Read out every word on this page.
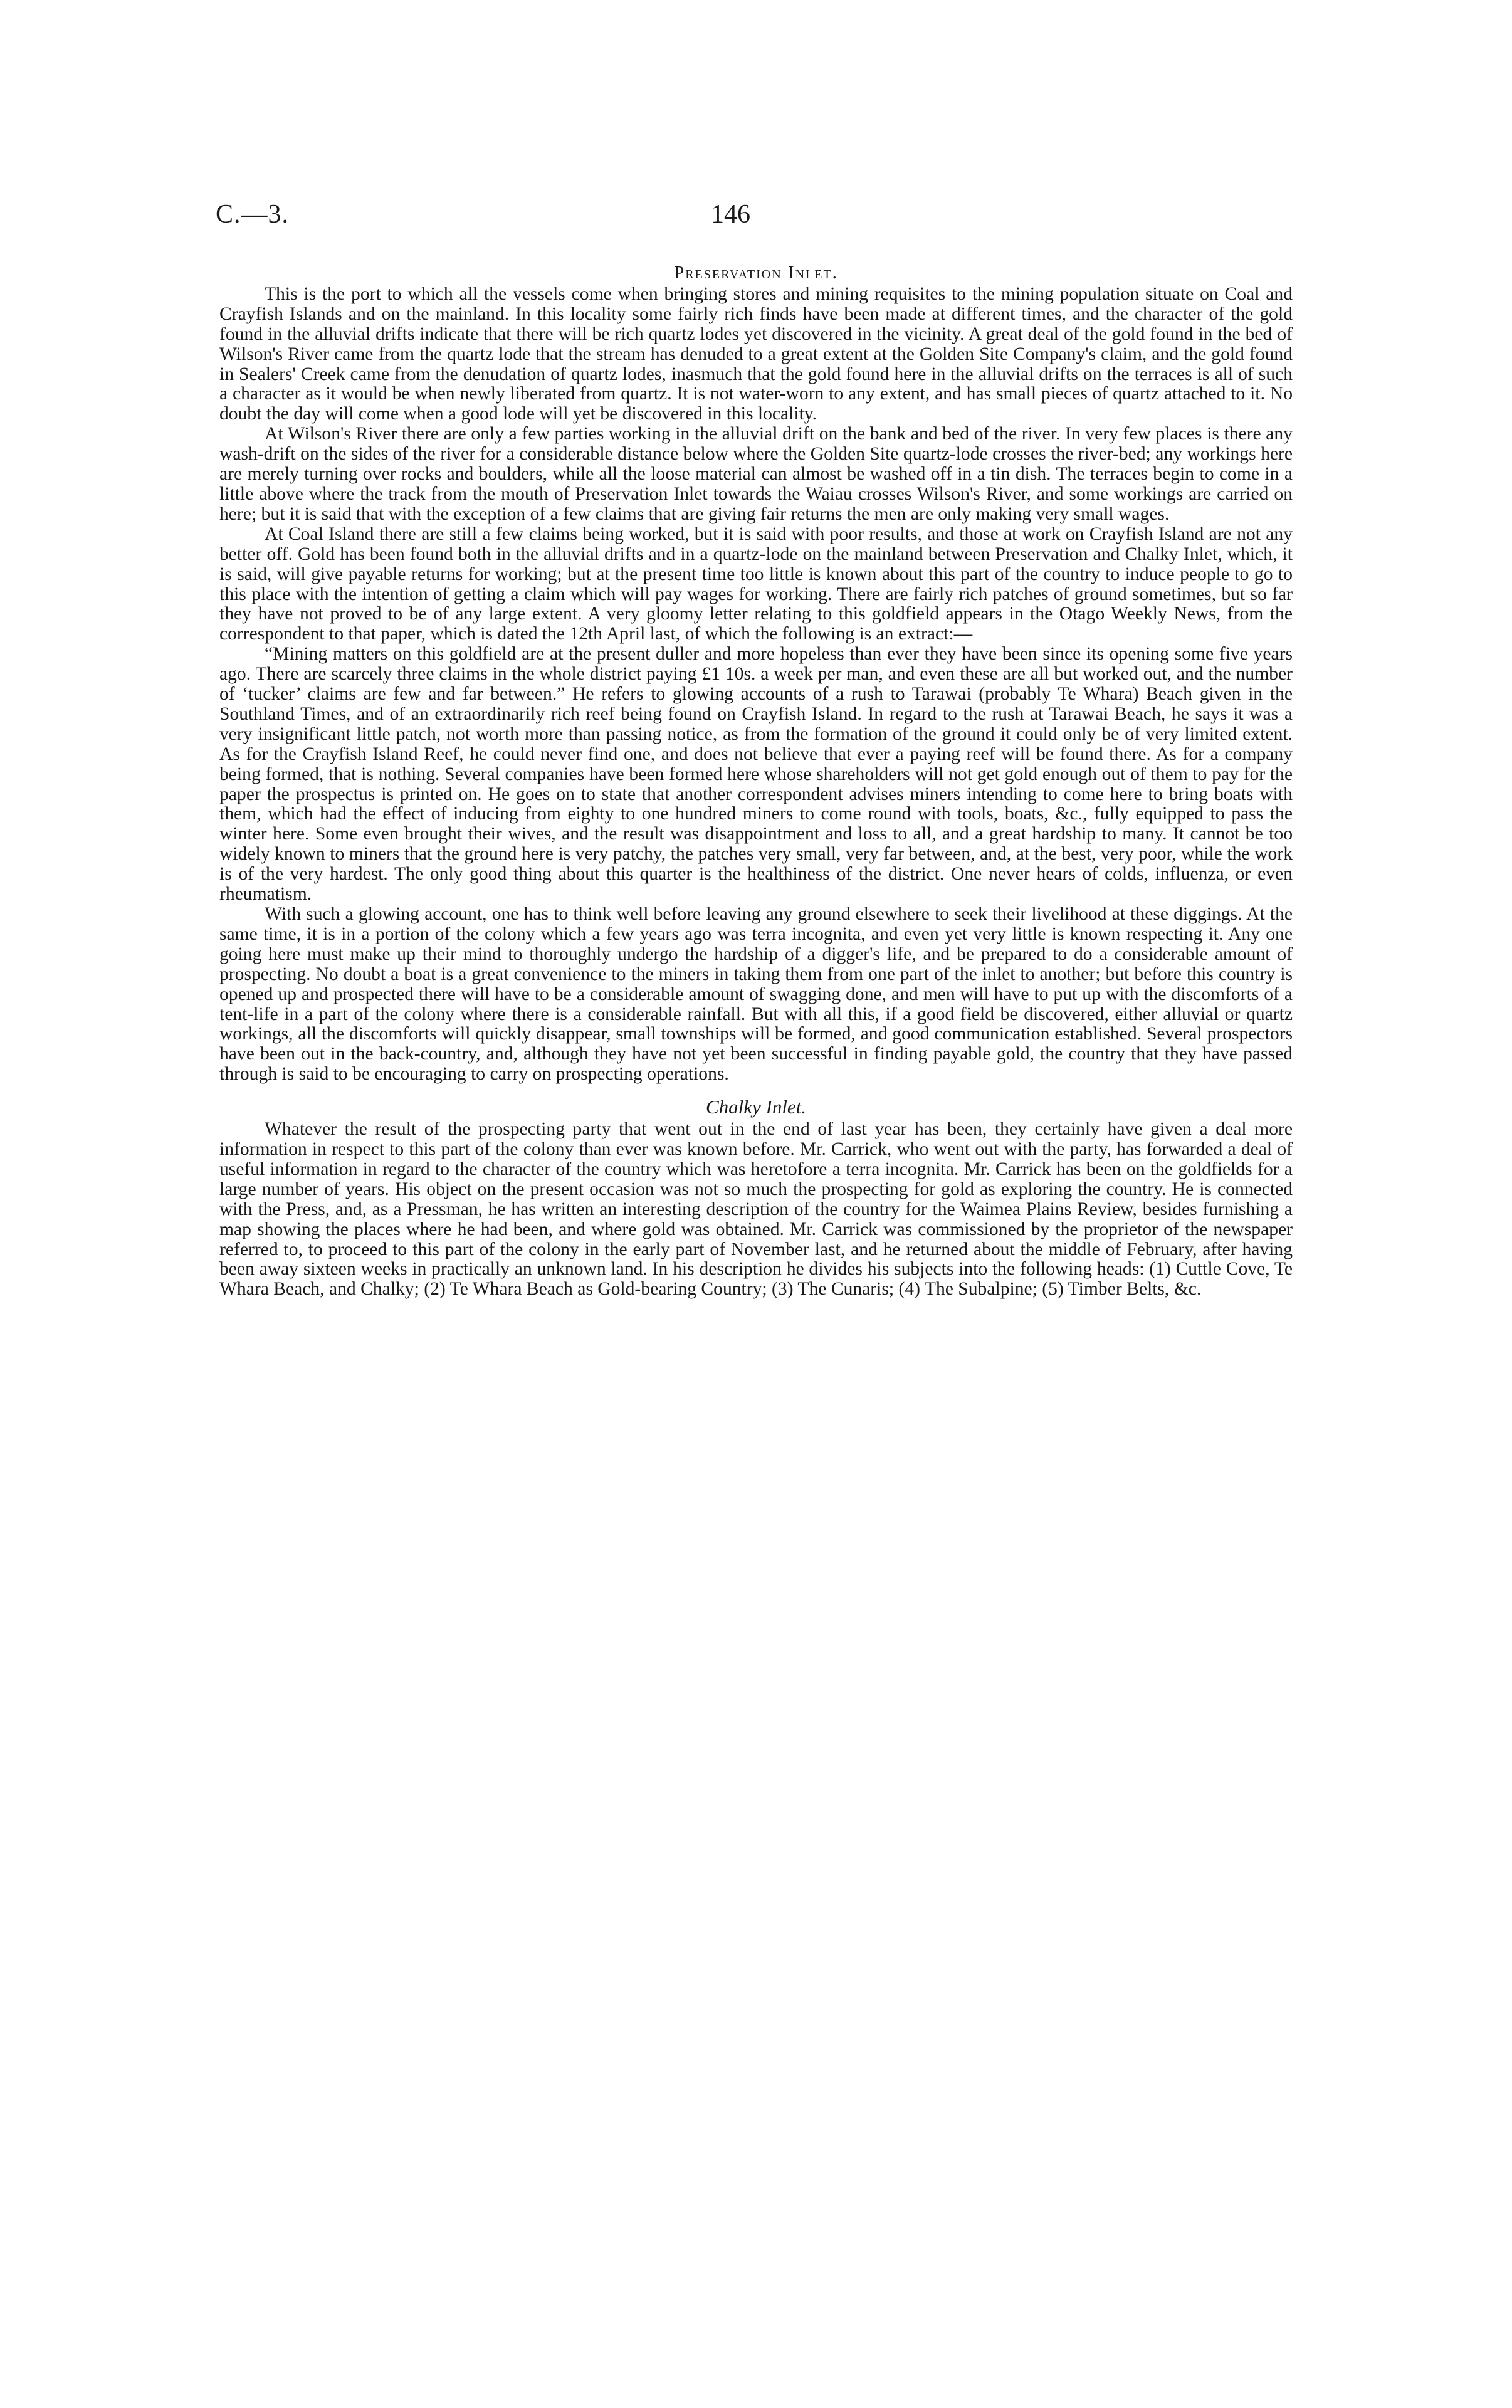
C.—3.	146
Preservation Inlet.

This is the port to which all the vessels come when bringing stores and mining requisites to the mining population situate on Coal and Crayfish Islands and on the mainland. In this locality some fairly rich finds have been made at different times, and the character of the gold found in the alluvial drifts indicate that there will be rich quartz lodes yet discovered in the vicinity. A great deal of the gold found in the bed of Wilson's River came from the quartz lode that the stream has denuded to a great extent at the Golden Site Company's claim, and the gold found in Sealers' Creek came from the denudation of quartz lodes, inasmuch that the gold found here in the alluvial drifts on the terraces is all of such a character as it would be when newly liberated from quartz. It is not water-worn to any extent, and has small pieces of quartz attached to it. No doubt the day will come when a good lode will yet be discovered in this locality.

At Wilson's River there are only a few parties working in the alluvial drift on the bank and bed of the river. In very few places is there any wash-drift on the sides of the river for a considerable distance below where the Golden Site quartz-lode crosses the river-bed; any workings here are merely turning over rocks and boulders, while all the loose material can almost be washed off in a tin dish. The terraces begin to come in a little above where the track from the mouth of Preservation Inlet towards the Waiau crosses Wilson's River, and some workings are carried on here; but it is said that with the exception of a few claims that are giving fair returns the men are only making very small wages.

At Coal Island there are still a few claims being worked, but it is said with poor results, and those at work on Crayfish Island are not any better off. Gold has been found both in the alluvial drifts and in a quartz-lode on the mainland between Preservation and Chalky Inlet, which, it is said, will give payable returns for working; but at the present time too little is known about this part of the country to induce people to go to this place with the intention of getting a claim which will pay wages for working. There are fairly rich patches of ground sometimes, but so far they have not proved to be of any large extent. A very gloomy letter relating to this goldfield appears in the Otago Weekly News, from the correspondent to that paper, which is dated the 12th April last, of which the following is an extract:—

“Mining matters on this goldfield are at the present duller and more hopeless than ever they have been since its opening some five years ago. There are scarcely three claims in the whole district paying £1 10s. a week per man, and even these are all but worked out, and the number of ‘tucker’ claims are few and far between.” He refers to glowing accounts of a rush to Tarawai (probably Te Whara) Beach given in the Southland Times, and of an extraordinarily rich reef being found on Crayfish Island. In regard to the rush at Tarawai Beach, he says it was a very insignificant little patch, not worth more than passing notice, as from the formation of the ground it could only be of very limited extent. As for the Crayfish Island Reef, he could never find one, and does not believe that ever a paying reef will be found there. As for a company being formed, that is nothing. Several companies have been formed here whose shareholders will not get gold enough out of them to pay for the paper the prospectus is printed on. He goes on to state that another correspondent advises miners intending to come here to bring boats with them, which had the effect of inducing from eighty to one hundred miners to come round with tools, boats, &c., fully equipped to pass the winter here. Some even brought their wives, and the result was disappointment and loss to all, and a great hardship to many. It cannot be too widely known to miners that the ground here is very patchy, the patches very small, very far between, and, at the best, very poor, while the work is of the very hardest. The only good thing about this quarter is the healthiness of the district. One never hears of colds, influenza, or even rheumatism.

With such a glowing account, one has to think well before leaving any ground elsewhere to seek their livelihood at these diggings. At the same time, it is in a portion of the colony which a few years ago was terra incognita, and even yet very little is known respecting it. Any one going here must make up their mind to thoroughly undergo the hardship of a digger's life, and be prepared to do a considerable amount of prospecting. No doubt a boat is a great convenience to the miners in taking them from one part of the inlet to another; but before this country is opened up and prospected there will have to be a considerable amount of swagging done, and men will have to put up with the discomforts of a tent-life in a part of the colony where there is a considerable rainfall. But with all this, if a good field be discovered, either alluvial or quartz workings, all the discomforts will quickly disappear, small townships will be formed, and good communication established. Several prospectors have been out in the back-country, and, although they have not yet been successful in finding payable gold, the country that they have passed through is said to be encouraging to carry on prospecting operations.

Chalky Inlet.

Whatever the result of the prospecting party that went out in the end of last year has been, they certainly have given a deal more information in respect to this part of the colony than ever was known before. Mr. Carrick, who went out with the party, has forwarded a deal of useful information in regard to the character of the country which was heretofore a terra incognita. Mr. Carrick has been on the goldfields for a large number of years. His object on the present occasion was not so much the prospecting for gold as exploring the country. He is connected with the Press, and, as a Pressman, he has written an interesting description of the country for the Waimea Plains Review, besides furnishing a map showing the places where he had been, and where gold was obtained. Mr. Carrick was commissioned by the proprietor of the newspaper referred to, to proceed to this part of the colony in the early part of November last, and he returned about the middle of February, after having been away sixteen weeks in practically an unknown land. In his description he divides his subjects into the following heads: (1) Cuttle Cove, Te Whara Beach, and Chalky; (2) Te Whara Beach as Gold-bearing Country; (3) The Cunaris; (4) The Subalpine; (5) Timber Belts, &c.
